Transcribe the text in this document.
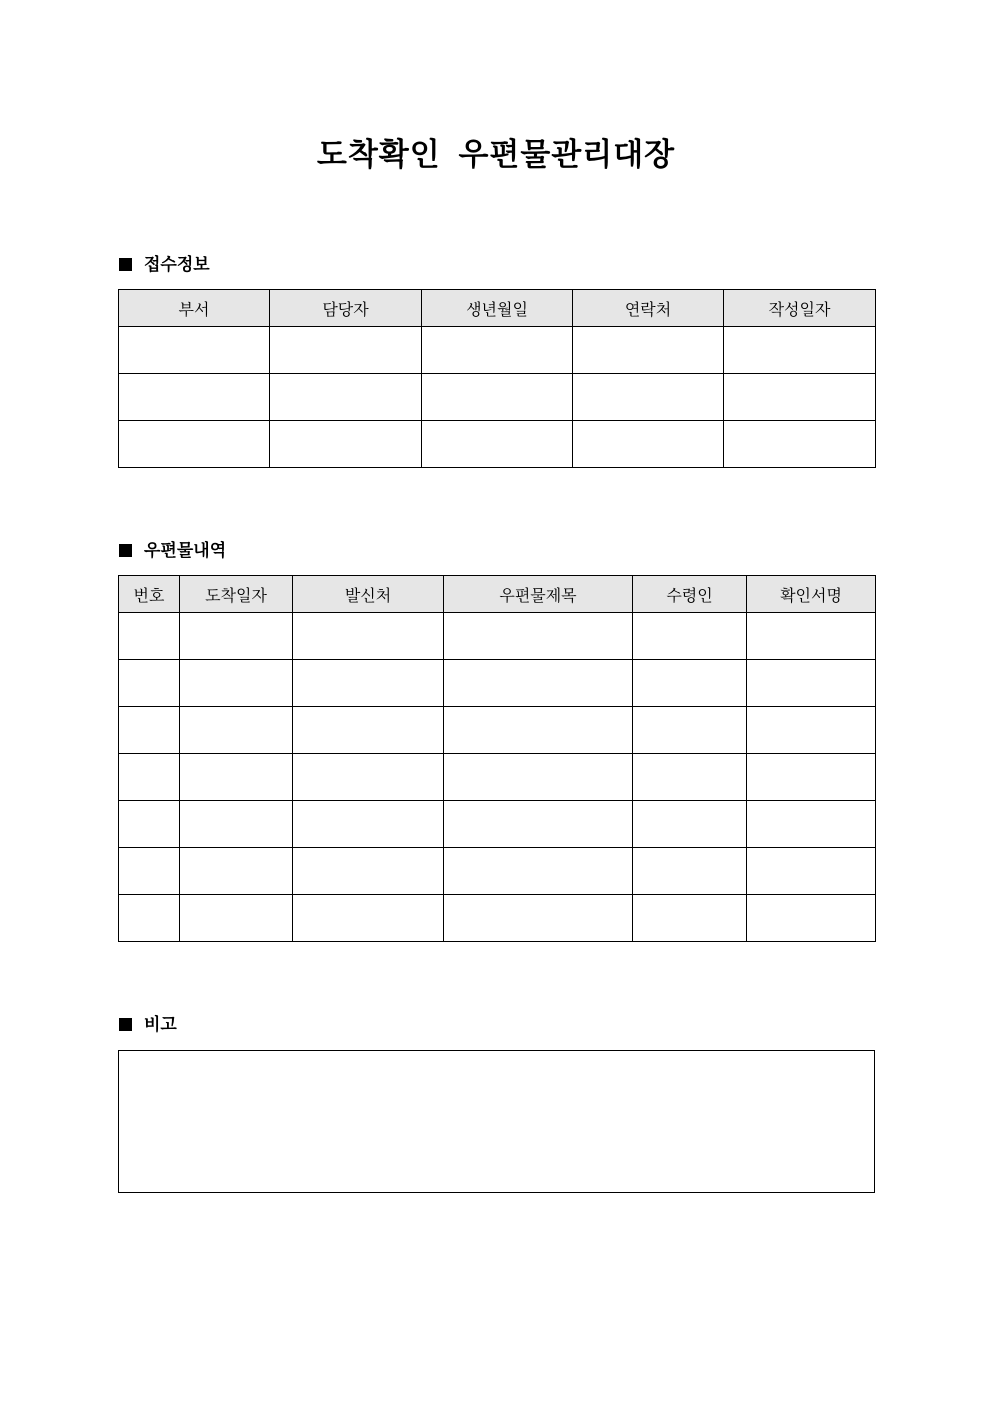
도착확인 우편물관리대장
접수정보
부서	담당자	생년월일	연락처	작성일자

우편물내역
번호	도착일자	발신처	우편물제목	수령인	확인서명

비고
